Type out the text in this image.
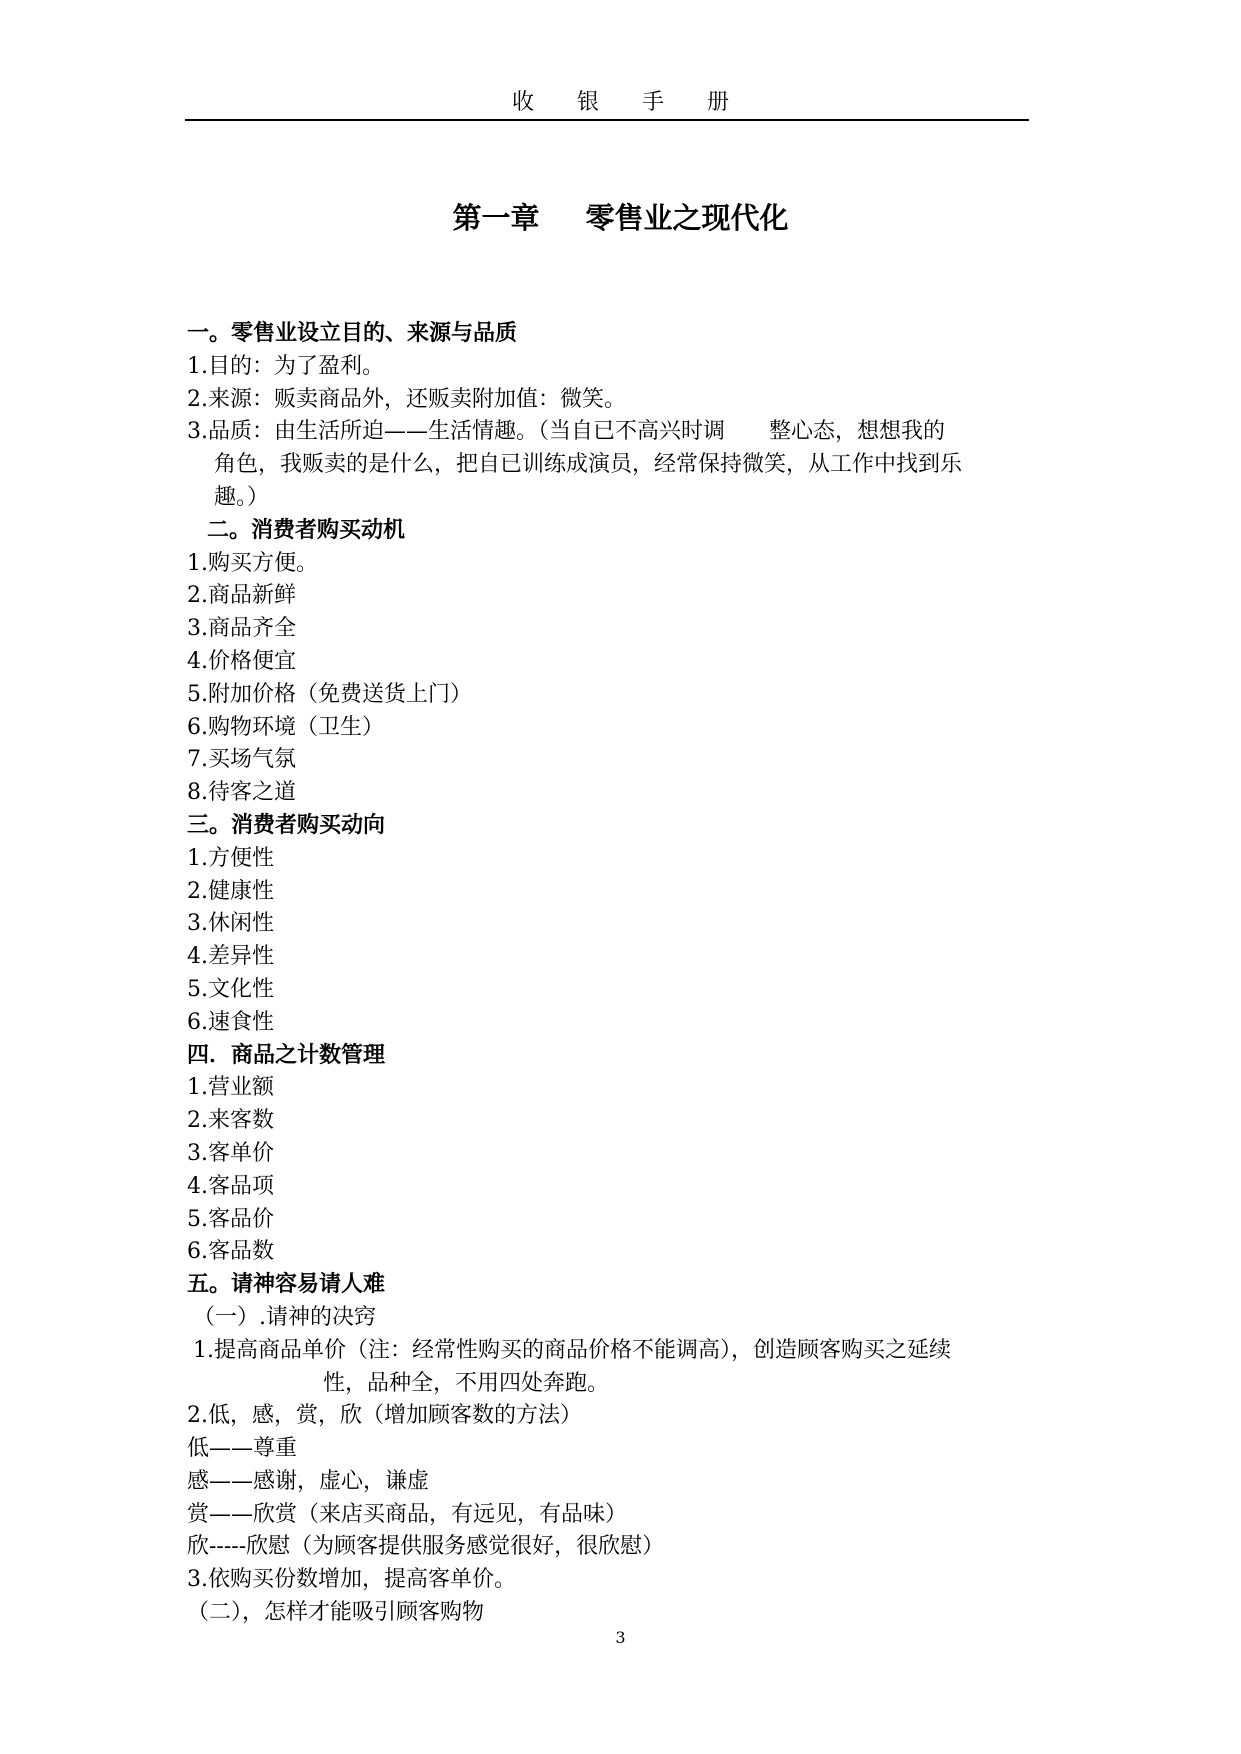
收 银 手 册
第一章 零售业之现代化

一。零售业设立目的、来源与品质

1.目的：为了盈利。

2.来源：贩卖商品外，还贩卖附加值：微笑。

3.品质：由生活所迫——生活情趣。（当自已不高兴时调　　整心态，想想我的

角色，我贩卖的是什么，把自已训练成演员，经常保持微笑，从工作中找到乐

趣。）

二。消费者购买动机

1.购买方便。

2.商品新鲜

3.商品齐全

4.价格便宜

5.附加价格（免费送货上门）

6.购物环境（卫生）

7.买场气氛

8.待客之道

三。消费者购买动向

1.方便性

2.健康性

3.休闲性

4.差异性

5.文化性

6.速食性

四．商品之计数管理

1.营业额

2.来客数

3.客单价

4.客品项

5.客品价

6.客品数

五。请神容易请人难

（一）.请神的决窍

1.提高商品单价（注：经常性购买的商品价格不能调高），创造顾客购买之延续

性，品种全，不用四处奔跑。

2.低，感，赏，欣（增加顾客数的方法）

低——尊重

感——感谢，虚心，谦虚

赏——欣赏（来店买商品，有远见，有品味）

欣-----欣慰（为顾客提供服务感觉很好，很欣慰）

3.依购买份数增加，提高客单价。

（二），怎样才能吸引顾客购物

3
